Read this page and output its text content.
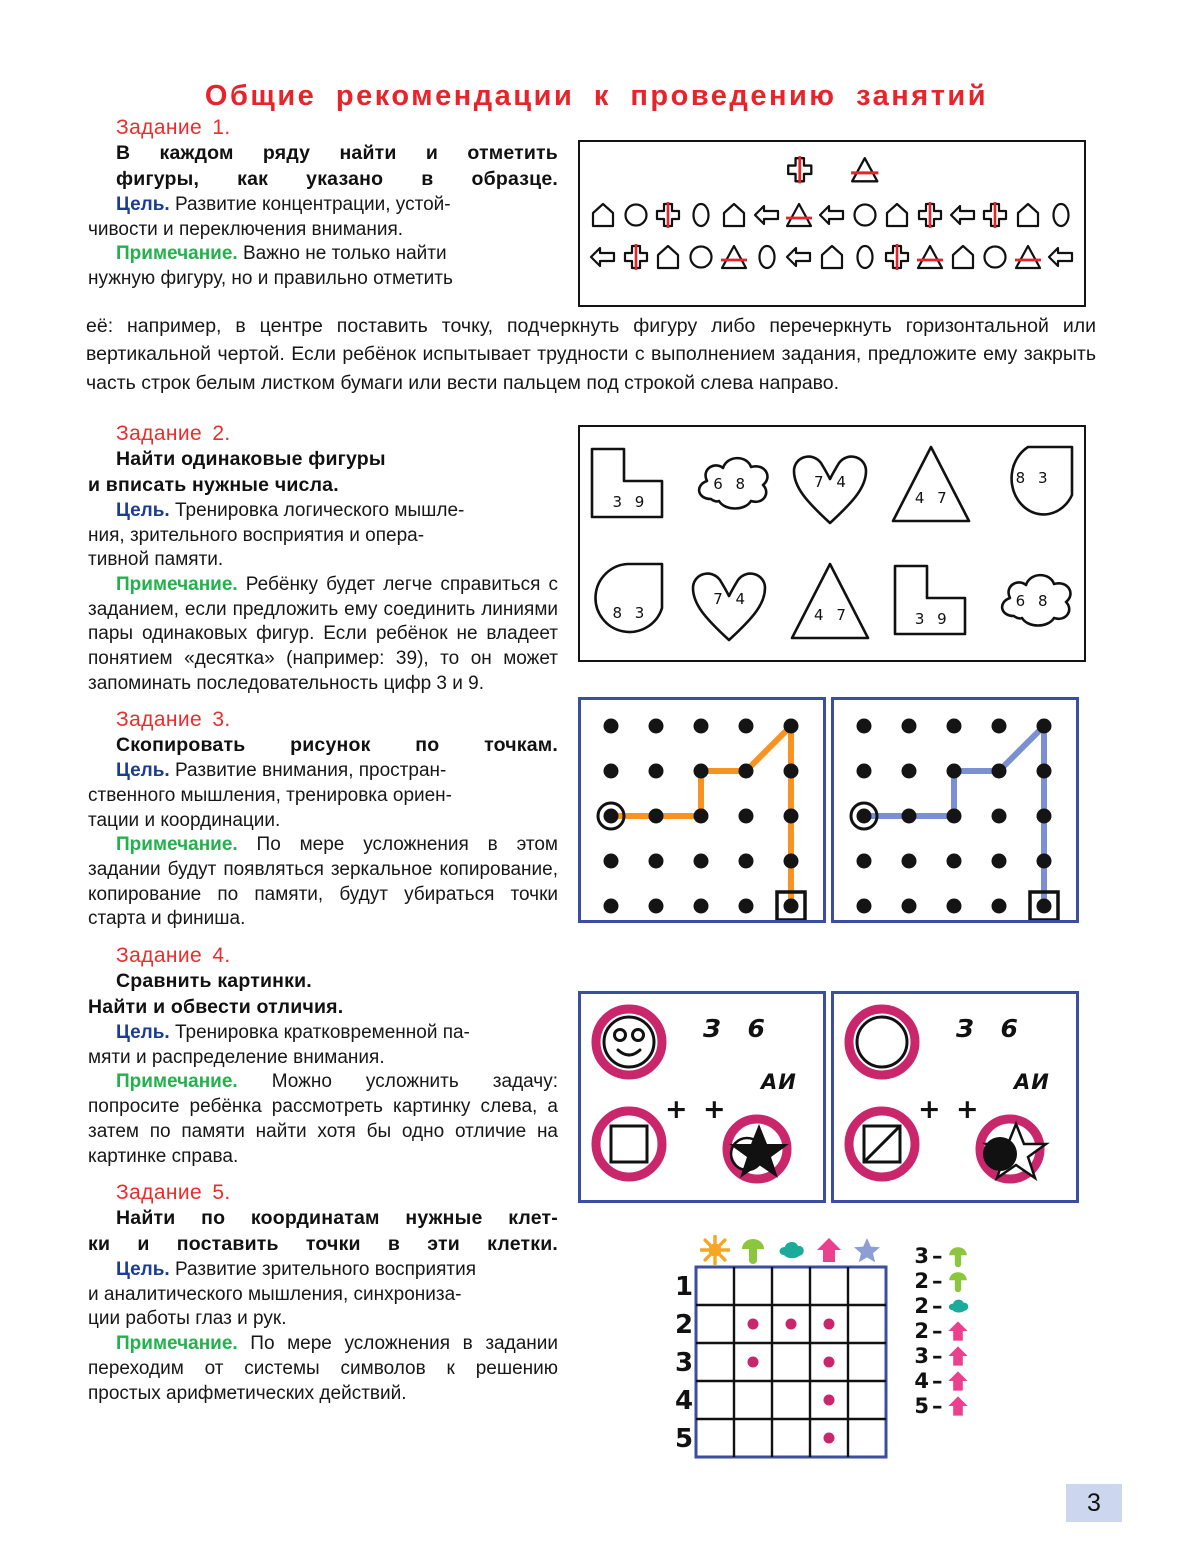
Общие рекомендации к проведению занятий
Задание 1.
В каждом ряду найти и отметить
фигуры, как указано в образце.

Цель. Развитие концентрации, устой-
чивости и переключения внимания.

Примечание. Важно не только найти
нужную фигуру, но и правильно отметить

её: например, в центре поставить точку, подчеркнуть фигуру либо перечеркнуть горизонтальной или вертикальной чертой. Если ребёнок испытывает трудности с выполнением задания, предложите ему закрыть часть строк белым листком бумаги или вести пальцем под строкой слева направо.

Задание 2.
Найти одинаковые фигуры
и вписать нужные числа.

Цель. Тренировка логического мышле-
ния, зрительного восприятия и опера-
тивной памяти.

Примечание. Ребёнку будет легче справиться с заданием, если предложить ему соединить линиями пары одинаковых фигур. Если ребёнок не владеет понятием «десятка» (например: 39), то он может запоминать последовательность цифр 3 и 9.

Задание 3.
Скопировать рисунок по точкам.

Цель. Развитие внимания, простран-
ственного мышления, тренировка ориен-
тации и координации.

Примечание. По мере усложнения в этом задании будут появляться зеркальное копирование, копирование по памяти, будут убираться точки старта и финиша.

Задание 4.
Сравнить картинки.
Найти и обвести отличия.

Цель. Тренировка кратковременной па-
мяти и распределение внимания.

Примечание. Можно усложнить задачу: попросите ребёнка рассмотреть картинку слева, а затем по памяти найти хотя бы одно отличие на картинке справа.

Задание 5.
Найти по координатам нужные клет-
ки и поставить точки в эти клетки.

Цель. Развитие зрительного восприятия
и аналитического мышления, синхрониза-
ции работы глаз и рук.

Примечание. По мере усложнения в задании переходим от системы символов к решению простых арифметических действий.

3 9
6 8	7 4
4 7
8 3
8 3
7 4
4 7	3 9
6 8
З 6
АИ
+ +
З 6
АИ
+ +
1
2
3
4
5
3 –
2 –
2 –
2 –
3 –
4 –
5 –
3
